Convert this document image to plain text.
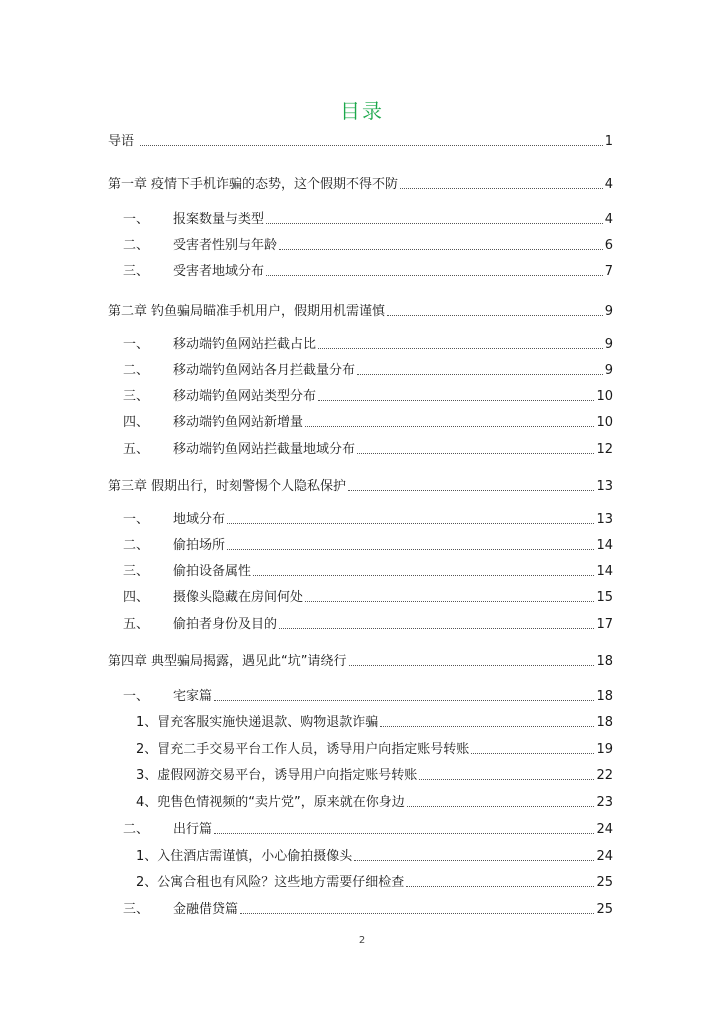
目录
导语	1
第一章 疫情下手机诈骗的态势，这个假期不得不防	4
一、	报案数量与类型	4
二、	受害者性别与年龄	6
三、	受害者地域分布	7
第二章 钓鱼骗局瞄准手机用户，假期用机需谨慎	9
一、	移动端钓鱼网站拦截占比	9
二、	移动端钓鱼网站各月拦截量分布	9
三、	移动端钓鱼网站类型分布	10
四、	移动端钓鱼网站新增量	10
五、	移动端钓鱼网站拦截量地域分布	12
第三章 假期出行，时刻警惕个人隐私保护	13
一、	地域分布	13
二、	偷拍场所	14
三、	偷拍设备属性	14
四、	摄像头隐藏在房间何处	15
五、	偷拍者身份及目的	17
第四章 典型骗局揭露，遇见此“坑”请绕行	18
一、	宅家篇	18
1、 冒充客服实施快递退款、购物退款诈骗	18
2、 冒充二手交易平台工作人员，诱导用户向指定账号转账	19
3、 虚假网游交易平台，诱导用户向指定账号转账	22
4、 兜售色情视频的“卖片党”，原来就在你身边	23
二、	出行篇	24
1、 入住酒店需谨慎，小心偷拍摄像头	24
2、 公寓合租也有风险？这些地方需要仔细检查	25
三、	金融借贷篇	25
2
